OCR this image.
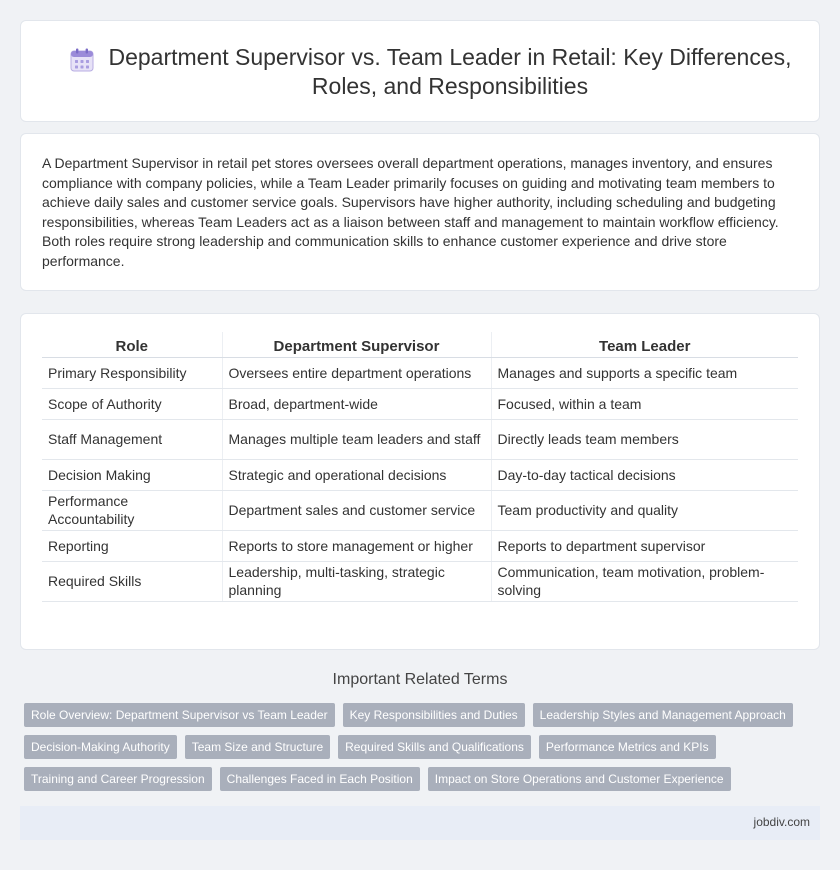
Department Supervisor vs. Team Leader in Retail: Key Differences, Roles, and Responsibilities

A Department Supervisor in retail pet stores oversees overall department operations, manages inventory, and ensures compliance with company policies, while a Team Leader primarily focuses on guiding and motivating team members to achieve daily sales and customer service goals. Supervisors have higher authority, including scheduling and budgeting responsibilities, whereas Team Leaders act as a liaison between staff and management to maintain workflow efficiency. Both roles require strong leadership and communication skills to enhance customer experience and drive store performance.

Role	Department Supervisor	Team Leader
Primary Responsibility	Oversees entire department operations	Manages and supports a specific team
Scope of Authority	Broad, department-wide	Focused, within a team
Staff Management	Manages multiple team leaders and staff	Directly leads team members
Decision Making	Strategic and operational decisions	Day-to-day tactical decisions
Performance Accountability	Department sales and customer service	Team productivity and quality
Reporting	Reports to store management or higher	Reports to department supervisor
Required Skills	Leadership, multi-tasking, strategic planning	Communication, team motivation, problem-solving
Important Related Terms
Role Overview: Department Supervisor vs Team Leader	Key Responsibilities and Duties	Leadership Styles and Management Approach
Decision-Making Authority	Team Size and Structure	Required Skills and Qualifications	Performance Metrics and KPIs
Training and Career Progression	Challenges Faced in Each Position	Impact on Store Operations and Customer Experience
jobdiv.com
